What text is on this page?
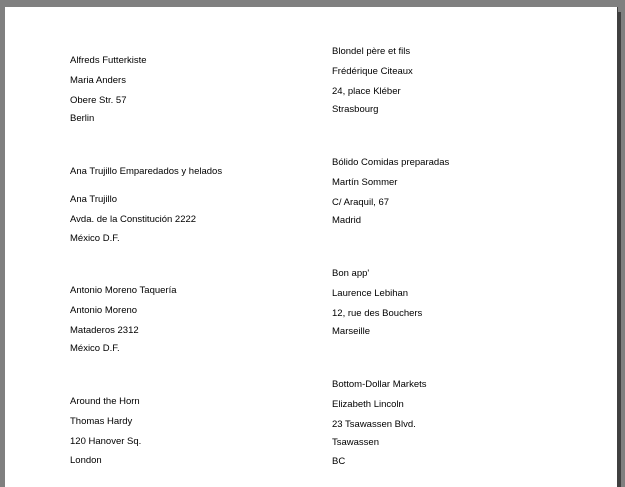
Alfreds Futterkiste
Maria Anders
Obere Str. 57
Berlin
Ana Trujillo Emparedados y helados
Ana Trujillo
Avda. de la Constitución 2222
México D.F.
Antonio Moreno Taquería
Antonio Moreno
Mataderos 2312
México D.F.
Around the Horn
Thomas Hardy
120 Hanover Sq.
London
Blondel père et fils
Frédérique Citeaux
24, place Kléber
Strasbourg
Bólido Comidas preparadas
Martín Sommer
C/ Araquil, 67
Madrid
Bon app'
Laurence Lebihan
12, rue des Bouchers
Marseille
Bottom-Dollar Markets
Elizabeth Lincoln
23 Tsawassen Blvd.
Tsawassen
BC
